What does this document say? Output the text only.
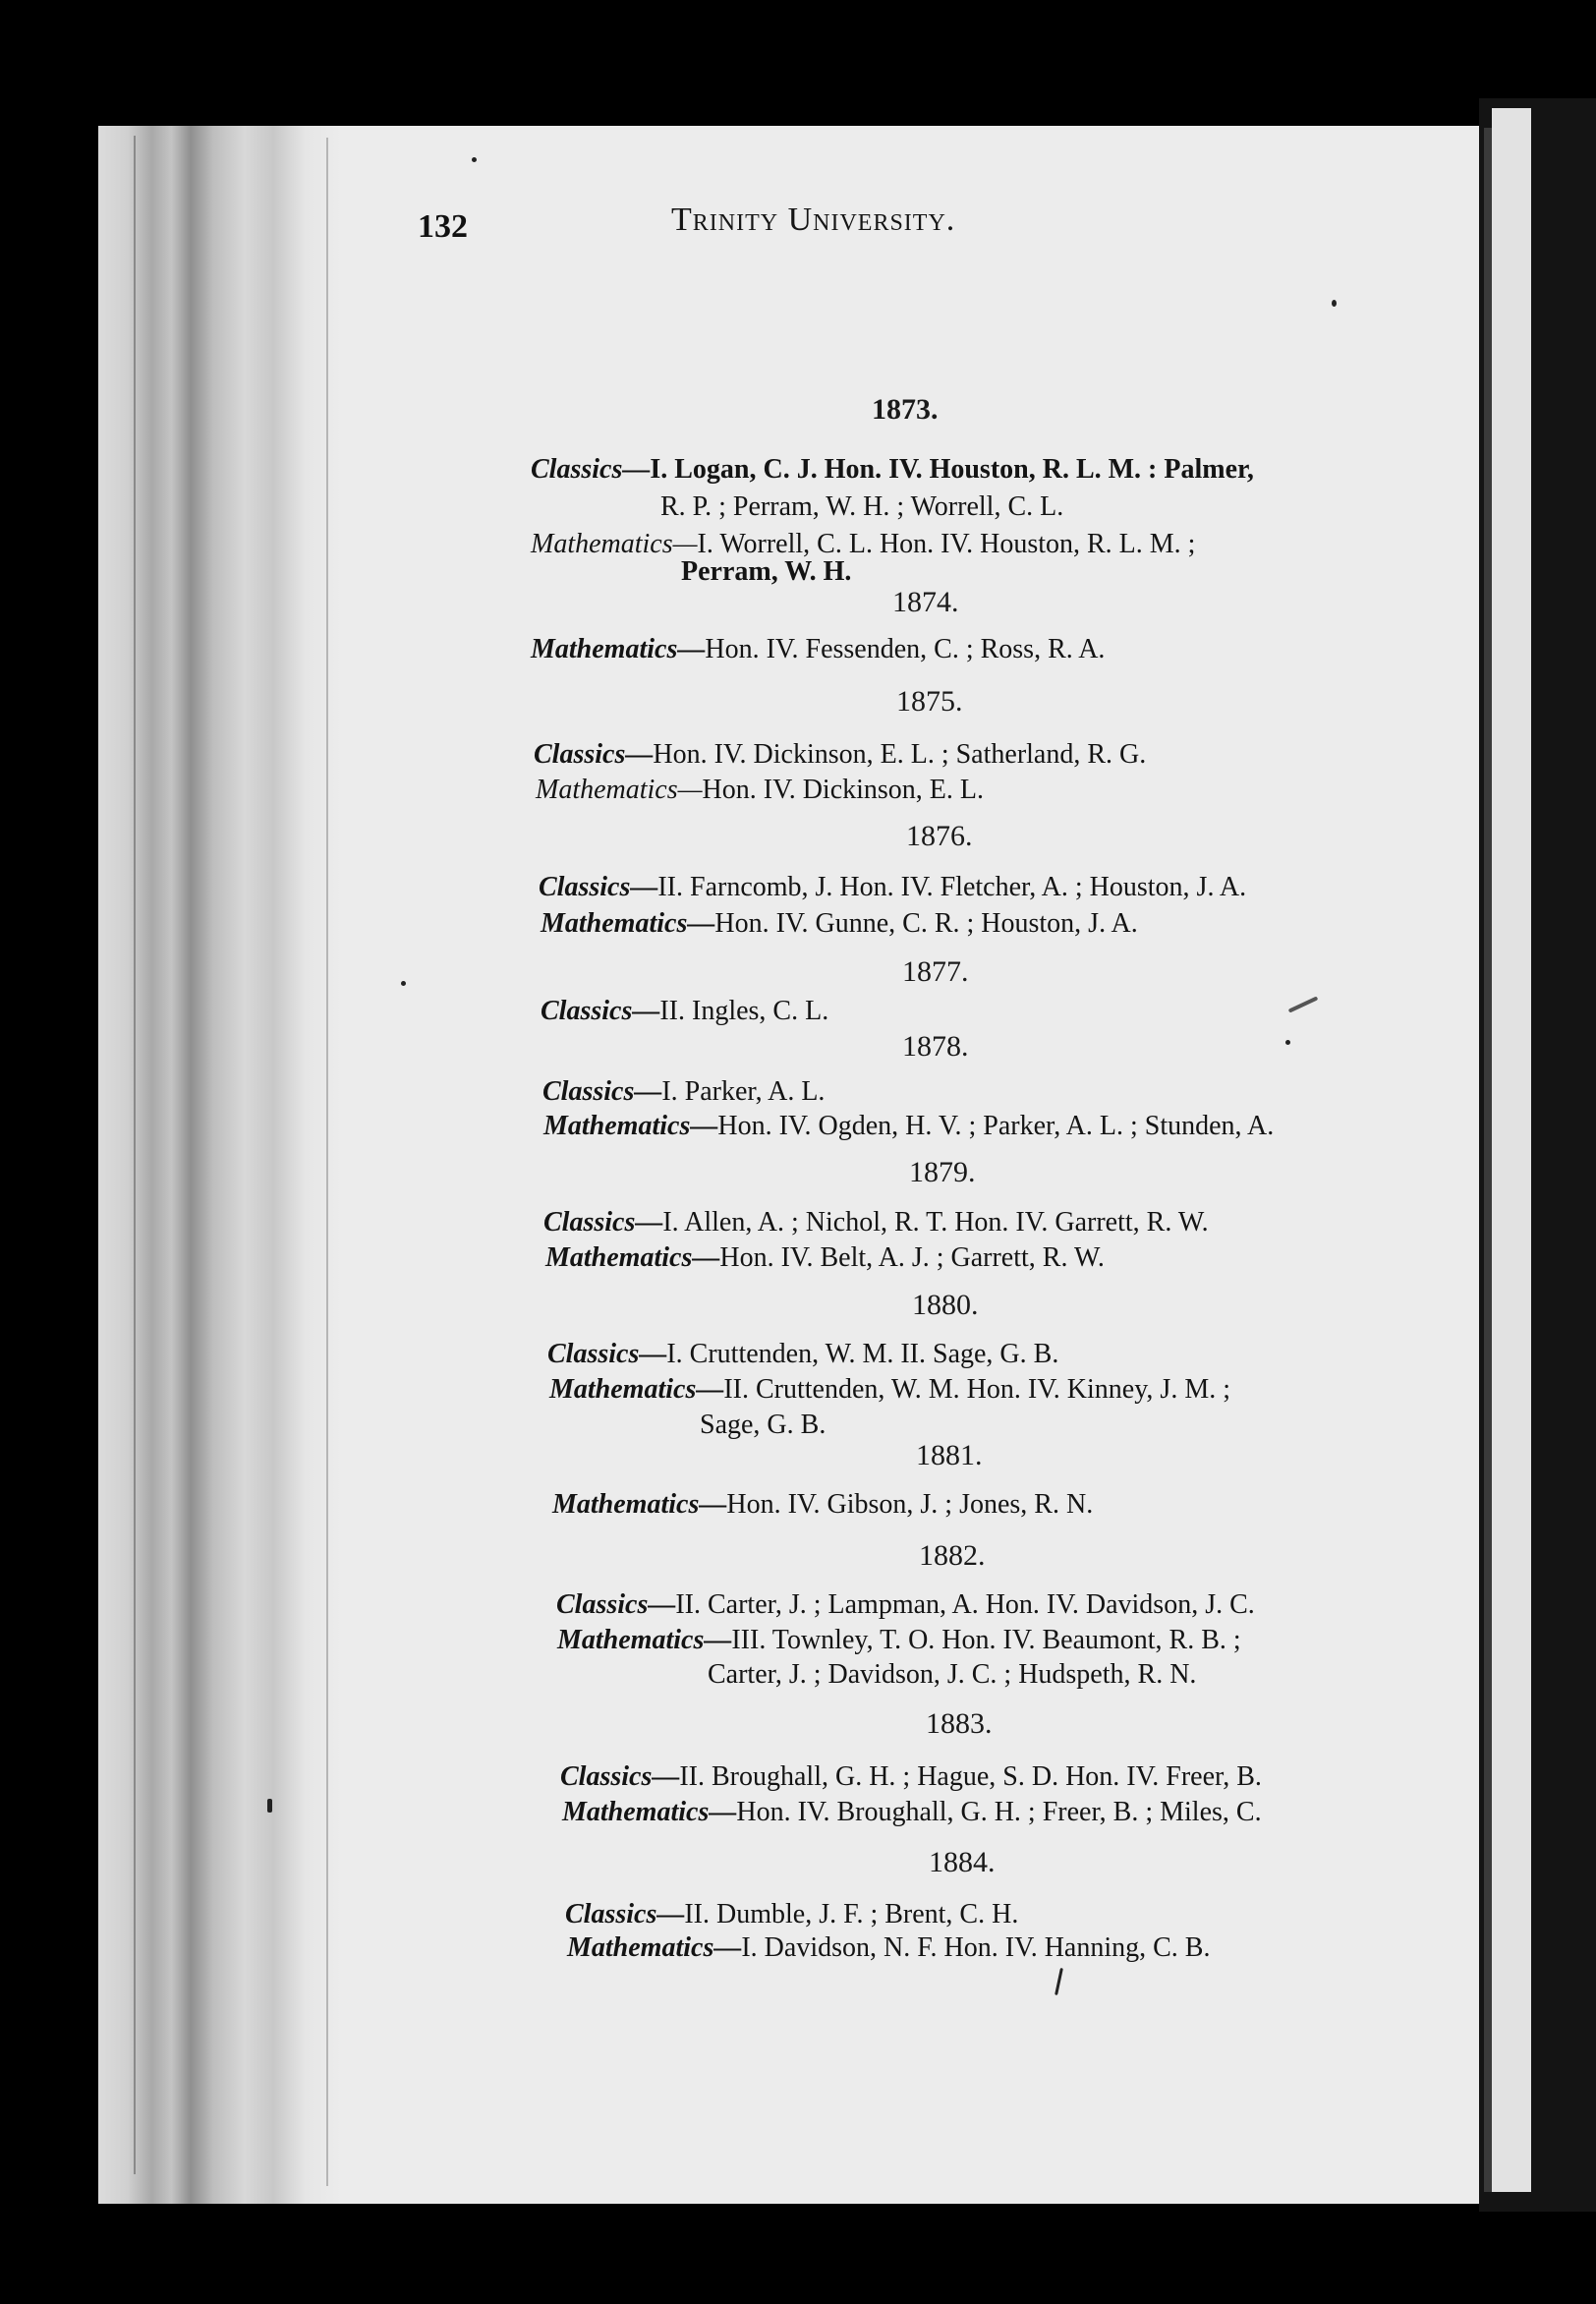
132	Trinity University.
1873.
Classics—I. Logan, C. J. Hon. IV. Houston, R. L. M. : Palmer,
R. P. ; Perram, W. H. ; Worrell, C. L.
Mathematics—I. Worrell, C. L. Hon. IV. Houston, R. L. M. ;
Perram, W. H.
1874.
Mathematics—Hon. IV. Fessenden, C. ; Ross, R. A.
1875.
Classics—Hon. IV. Dickinson, E. L. ; Satherland, R. G.
Mathematics—Hon. IV. Dickinson, E. L.
1876.
Classics—II. Farncomb, J. Hon. IV. Fletcher, A. ; Houston, J. A.
Mathematics—Hon. IV. Gunne, C. R. ; Houston, J. A.
1877.
Classics—II. Ingles, C. L.
1878.
Classics—I. Parker, A. L.
Mathematics—Hon. IV. Ogden, H. V. ; Parker, A. L. ; Stunden, A.
1879.
Classics—I. Allen, A. ; Nichol, R. T. Hon. IV. Garrett, R. W.
Mathematics—Hon. IV. Belt, A. J. ; Garrett, R. W.
1880.
Classics—I. Cruttenden, W. M. II. Sage, G. B.
Mathematics—II. Cruttenden, W. M. Hon. IV. Kinney, J. M. ;
Sage, G. B.
1881.
Mathematics—Hon. IV. Gibson, J. ; Jones, R. N.
1882.
Classics—II. Carter, J. ; Lampman, A. Hon. IV. Davidson, J. C.
Mathematics—III. Townley, T. O. Hon. IV. Beaumont, R. B. ;
Carter, J. ; Davidson, J. C. ; Hudspeth, R. N.
1883.
Classics—II. Broughall, G. H. ; Hague, S. D. Hon. IV. Freer, B.
Mathematics—Hon. IV. Broughall, G. H. ; Freer, B. ; Miles, C.
1884.
Classics—II. Dumble, J. F. ; Brent, C. H.
Mathematics—I. Davidson, N. F. Hon. IV. Hanning, C. B.
